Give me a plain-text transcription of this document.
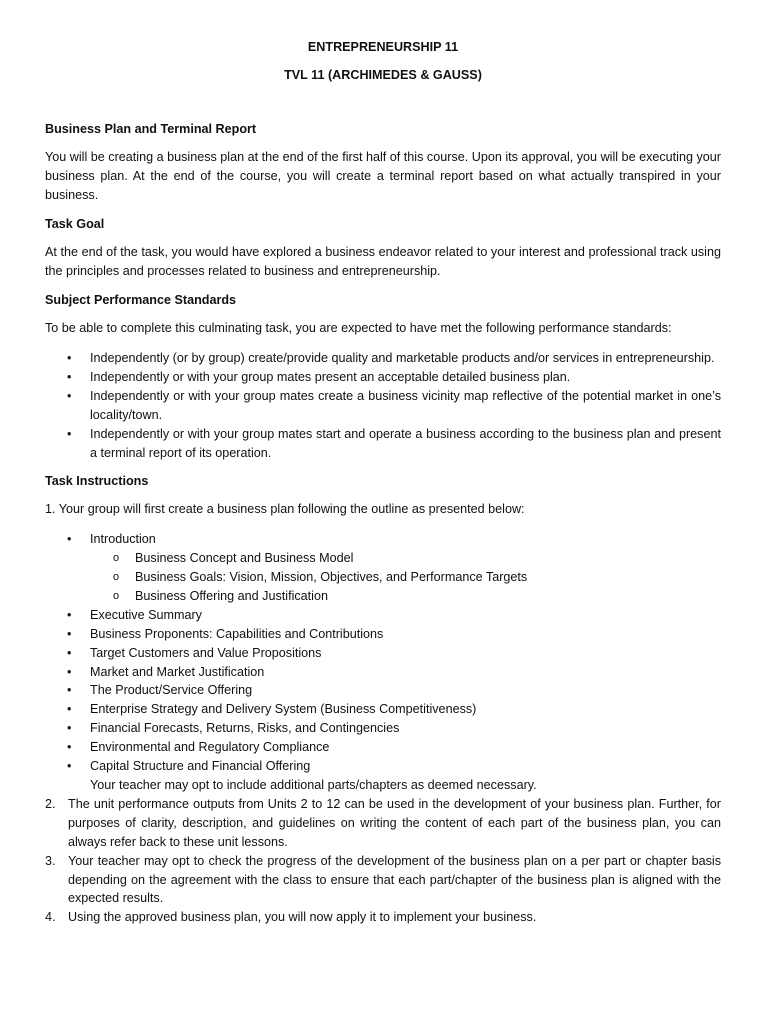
ENTREPRENEURSHIP 11
TVL 11 (ARCHIMEDES & GAUSS)
Business Plan and Terminal Report

You will be creating a business plan at the end of the first half of this course. Upon its approval, you will be executing your business plan. At the end of the course, you will create a terminal report based on what actually transpired in your business.

Task Goal

At the end of the task, you would have explored a business endeavor related to your interest and professional track using the principles and processes related to business and entrepreneurship.

Subject Performance Standards

To be able to complete this culminating task, you are expected to have met the following performance standards:

•	Independently (or by group) create/provide quality and marketable products and/or services in entrepreneurship.
•	Independently or with your group mates present an acceptable detailed business plan.
•	Independently or with your group mates create a business vicinity map reflective of the potential market in one’s locality/town.
•	Independently or with your group mates start and operate a business according to the business plan and present a terminal report of its operation.
Task Instructions

1. Your group will first create a business plan following the outline as presented below:

•	Introduction
o	Business Concept and Business Model
o	Business Goals: Vision, Mission, Objectives, and Performance Targets
o	Business Offering and Justification
•	Executive Summary
•	Business Proponents: Capabilities and Contributions
•	Target Customers and Value Propositions
•	Market and Market Justification
•	The Product/Service Offering
•	Enterprise Strategy and Delivery System (Business Competitiveness)
•	Financial Forecasts, Returns, Risks, and Contingencies
•	Environmental and Regulatory Compliance
•	Capital Structure and Financial Offering
Your teacher may opt to include additional parts/chapters as deemed necessary.
2. The unit performance outputs from Units 2 to 12 can be used in the development of your business plan. Further, for purposes of clarity, description, and guidelines on writing the content of each part of the business plan, you can always refer back to these unit lessons.
3. Your teacher may opt to check the progress of the development of the business plan on a per part or chapter basis depending on the agreement with the class to ensure that each part/chapter of the business plan is aligned with the expected results.
4. Using the approved business plan, you will now apply it to implement your business.
